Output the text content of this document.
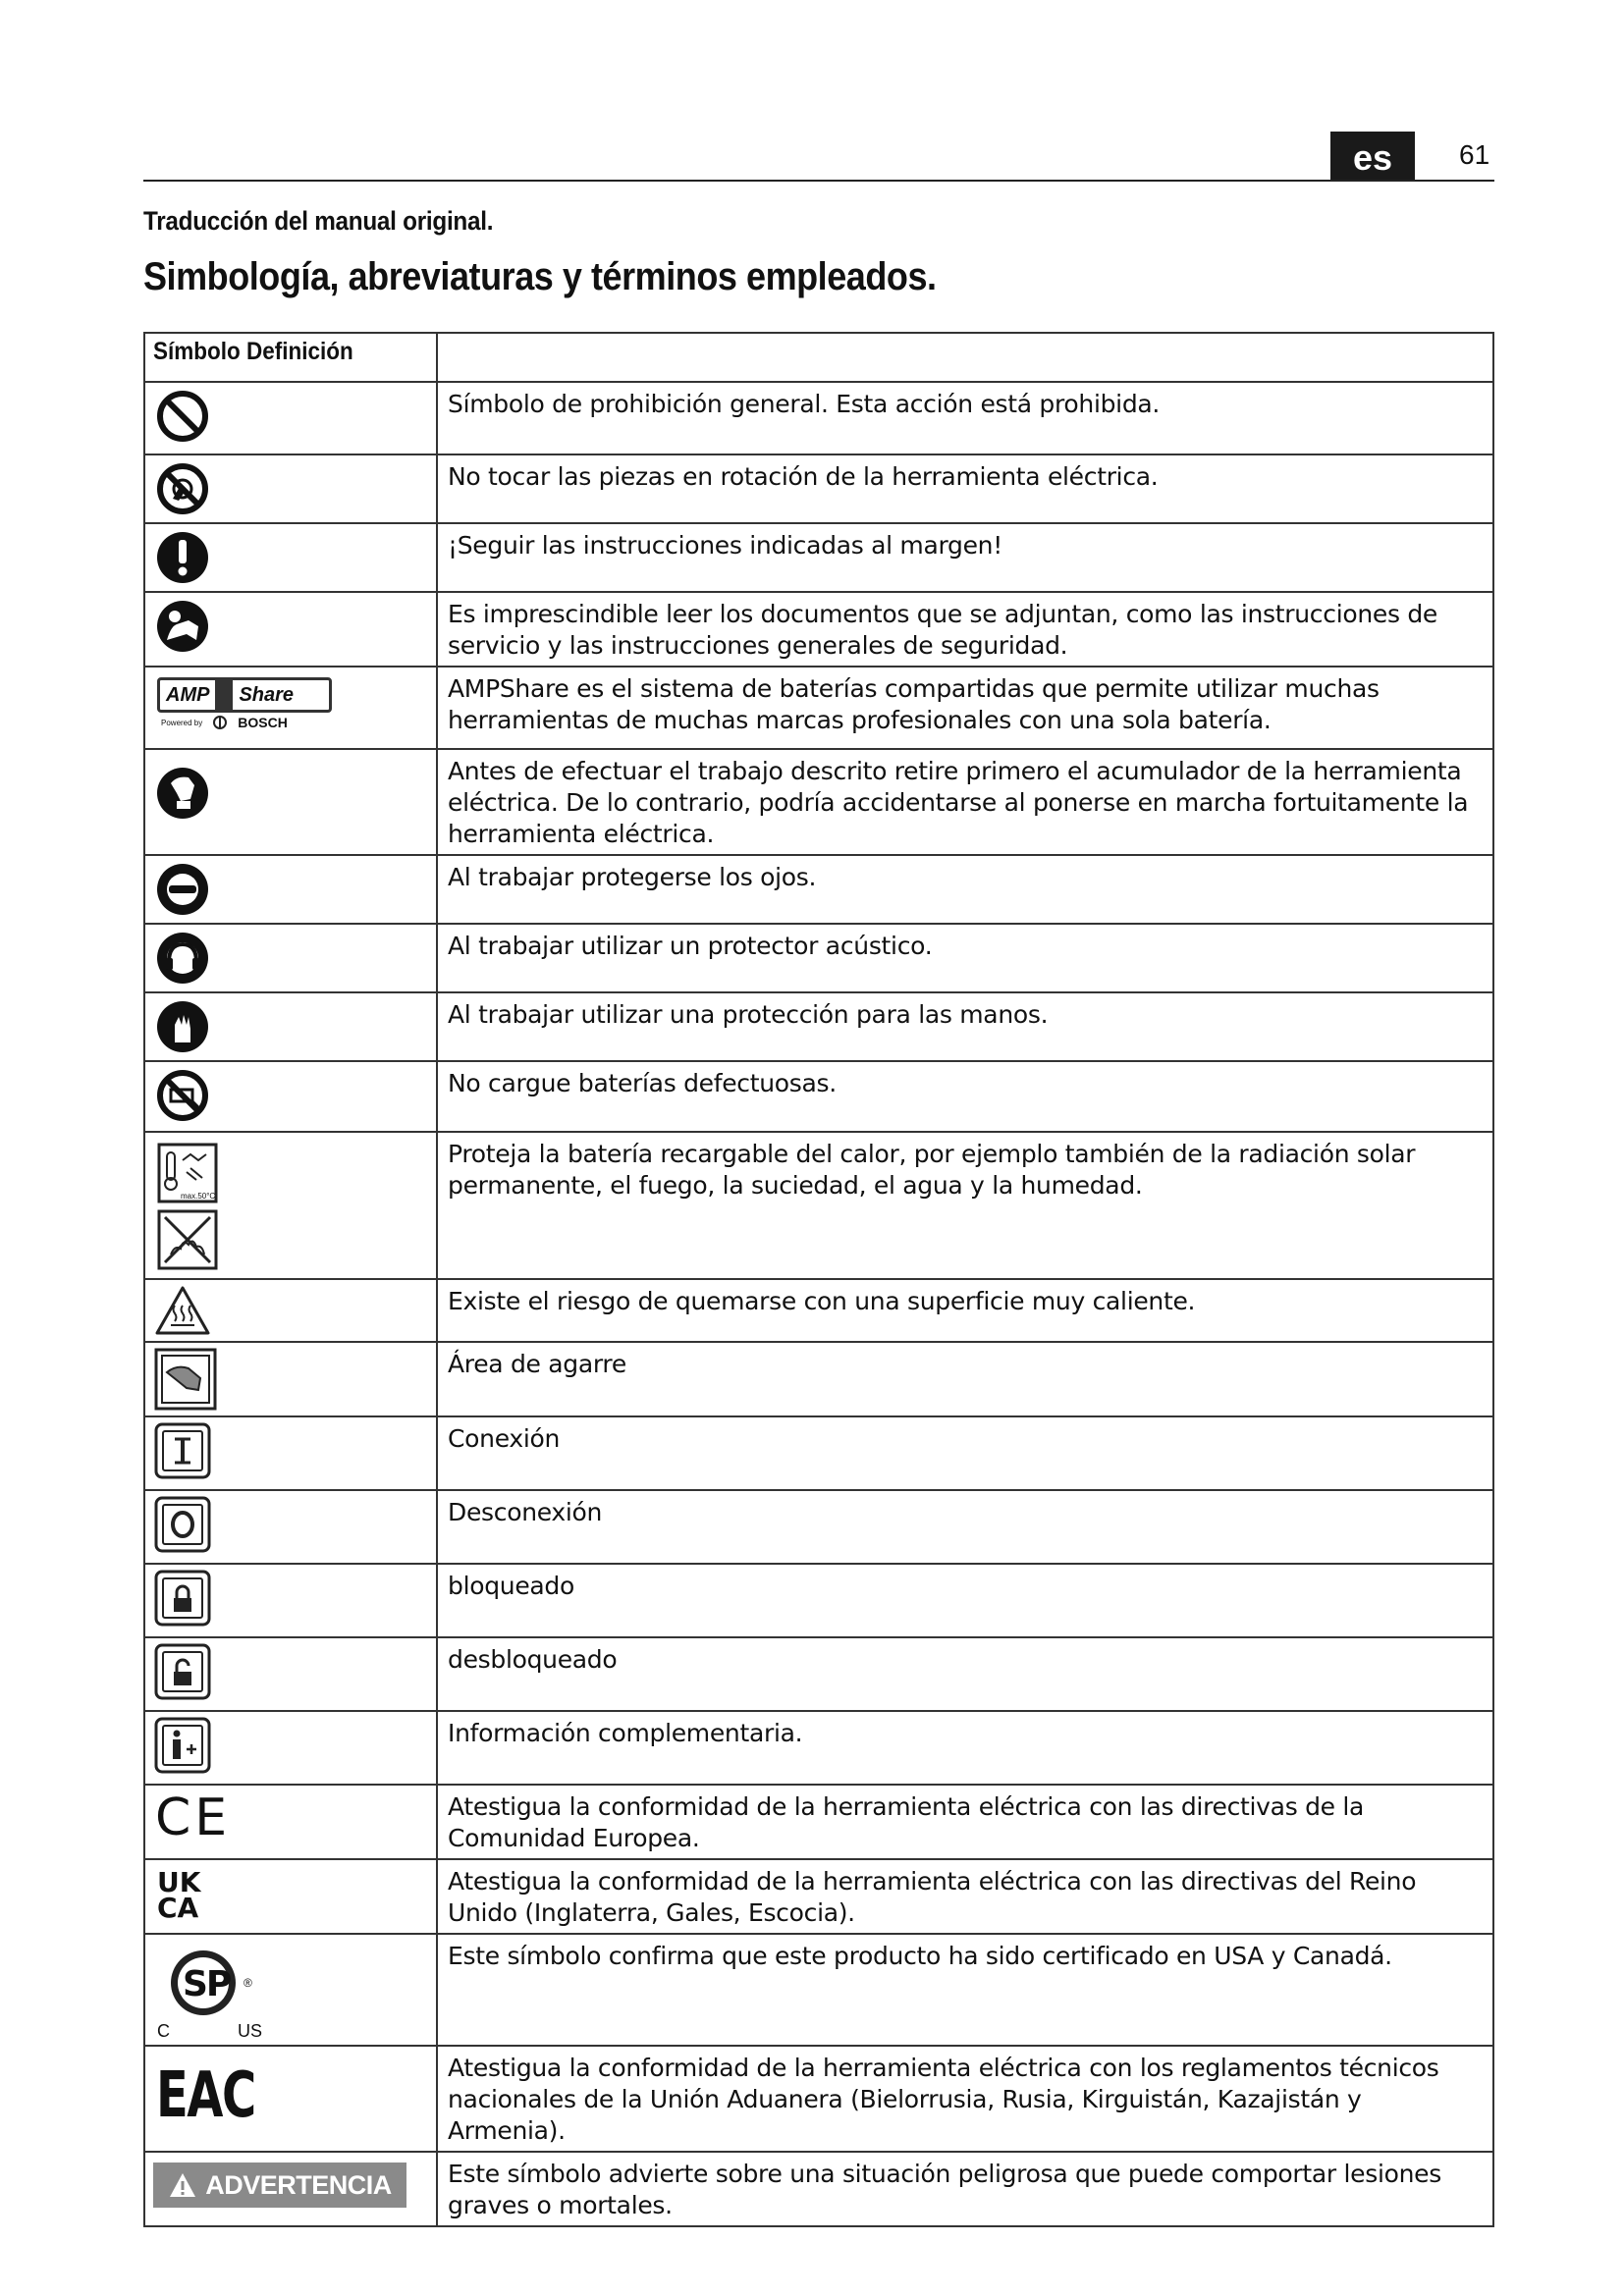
es	61
Traducción del manual original.
Simbología, abreviaturas y términos empleados.
Símbolo Definición	

	Símbolo de prohibición general. Esta acción está prohibida.

	No tocar las piezas en rotación de la herramienta eléctrica.

	¡Seguir las instrucciones indicadas al margen!

	Es imprescindible leer los documentos que se adjuntan, como las instrucciones de servicio y las instrucciones generales de seguridad.

AMP Share
Powered by BOSCH	AMPShare es el sistema de baterías compartidas que permite utilizar muchas herramientas de muchas marcas profesionales con una sola batería.

	Antes de efectuar el trabajo descrito retire primero el acumulador de la herramienta eléctrica. De lo contrario, podría accidentarse al ponerse en marcha fortuitamente la herramienta eléctrica.

	Al trabajar protegerse los ojos.

	Al trabajar utilizar un protector acústico.

	Al trabajar utilizar una protección para las manos.

	No cargue baterías defectuosas.

max.50°C	Proteja la batería recargable del calor, por ejemplo también de la radiación solar permanente, el fuego, la suciedad, el agua y la humedad.

	Existe el riesgo de quemarse con una superficie muy caliente.

	Área de agarre

	Conexión

	Desconexión

	bloqueado

	desbloqueado

	Información complementaria.

CE	Atestigua la conformidad de la herramienta eléctrica con las directivas de la Comunidad Europea.

UK
CA	Atestigua la conformidad de la herramienta eléctrica con las directivas del Reino Unido (Inglaterra, Gales, Escocia).

SP ®
C US	Este símbolo confirma que este producto ha sido certificado en USA y Canadá.

EAC	Atestigua la conformidad de la herramienta eléctrica con los reglamentos técnicos nacionales de la Unión Aduanera (Bielorrusia, Rusia, Kirguistán, Kazajistán y Armenia).

ADVERTENCIA	Este símbolo advierte sobre una situación peligrosa que puede comportar lesiones graves o mortales.
